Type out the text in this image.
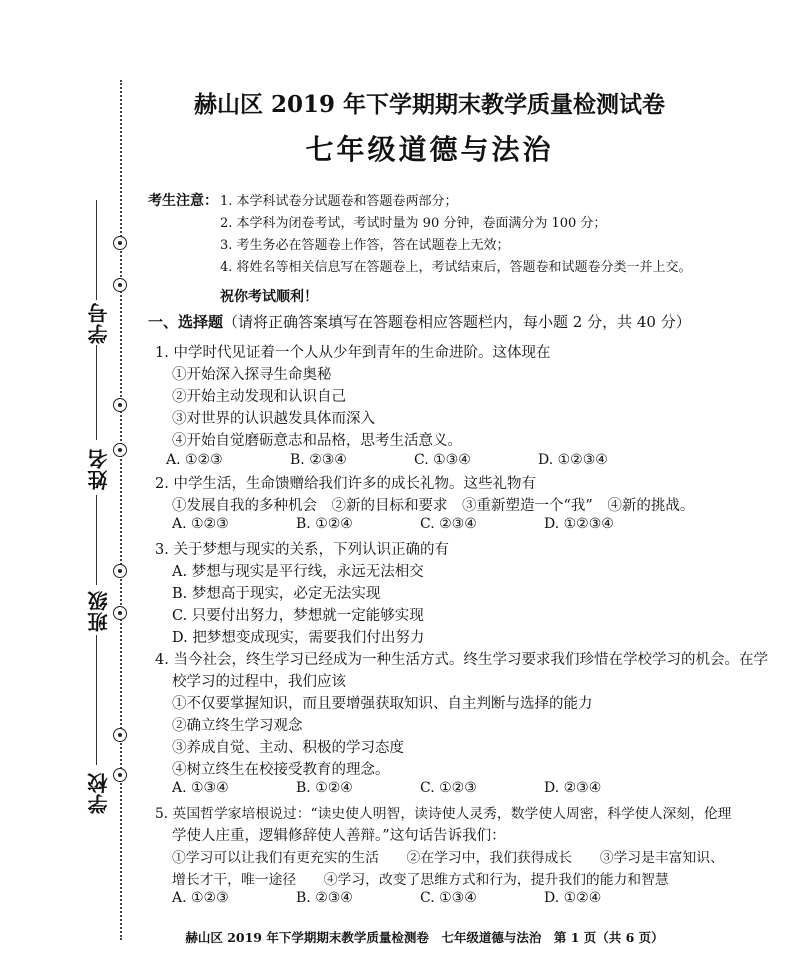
学号
姓名
班级
学校
赫山区 2019 年下学期期末教学质量检测试卷
七年级道德与法治
考生注意： 1. 本学科试卷分试题卷和答题卷两部分；
2. 本学科为闭卷考试，考试时量为 90 分钟，卷面满分为 100 分；
3. 考生务必在答题卷上作答，答在试题卷上无效；
4. 将姓名等相关信息写在答题卷上，考试结束后，答题卷和试题卷分类一并上交。
祝你考试顺利！
一、选择题（请将正确答案填写在答题卷相应答题栏内，每小题 2 分，共 40 分）
1. 中学时代见证着一个人从少年到青年的生命进阶。这体现在
①开始深入探寻生命奥秘
②开始主动发现和认识自己
③对世界的认识越发具体而深入
④开始自觉磨砺意志和品格，思考生活意义。
A. ①②③	B. ②③④	C. ①③④	D. ①②③④
2. 中学生活，生命馈赠给我们许多的成长礼物。这些礼物有
①发展自我的多种机会　②新的目标和要求　③重新塑造一个“我”　④新的挑战。
A. ①②③	B. ①②④	C. ②③④	D. ①②③④
3. 关于梦想与现实的关系，下列认识正确的有
A. 梦想与现实是平行线，永远无法相交
B. 梦想高于现实，必定无法实现
C. 只要付出努力，梦想就一定能够实现
D. 把梦想变成现实，需要我们付出努力
4. 当今社会，终生学习已经成为一种生活方式。终生学习要求我们珍惜在学校学习的机会。在学
校学习的过程中，我们应该
①不仅要掌握知识，而且要增强获取知识、自主判断与选择的能力
②确立终生学习观念
③养成自觉、主动、积极的学习态度
④树立终生在校接受教育的理念。
A. ①③④	B. ①②④	C. ①②③	D. ②③④
5. 英国哲学家培根说过：“读史使人明智，读诗使人灵秀，数学使人周密，科学使人深刻，伦理
学使人庄重，逻辑修辞使人善辩。”这句话告诉我们：
①学习可以让我们有更充实的生活　　②在学习中，我们获得成长　　③学习是丰富知识、
增长才干，唯一途径　　④学习，改变了思维方式和行为，提升我们的能力和智慧
A. ①②③	B. ②③④	C. ①③④	D. ①②④
赫山区 2019 年下学期期末教学质量检测卷　七年级道德与法治　第 1 页（共 6 页）
